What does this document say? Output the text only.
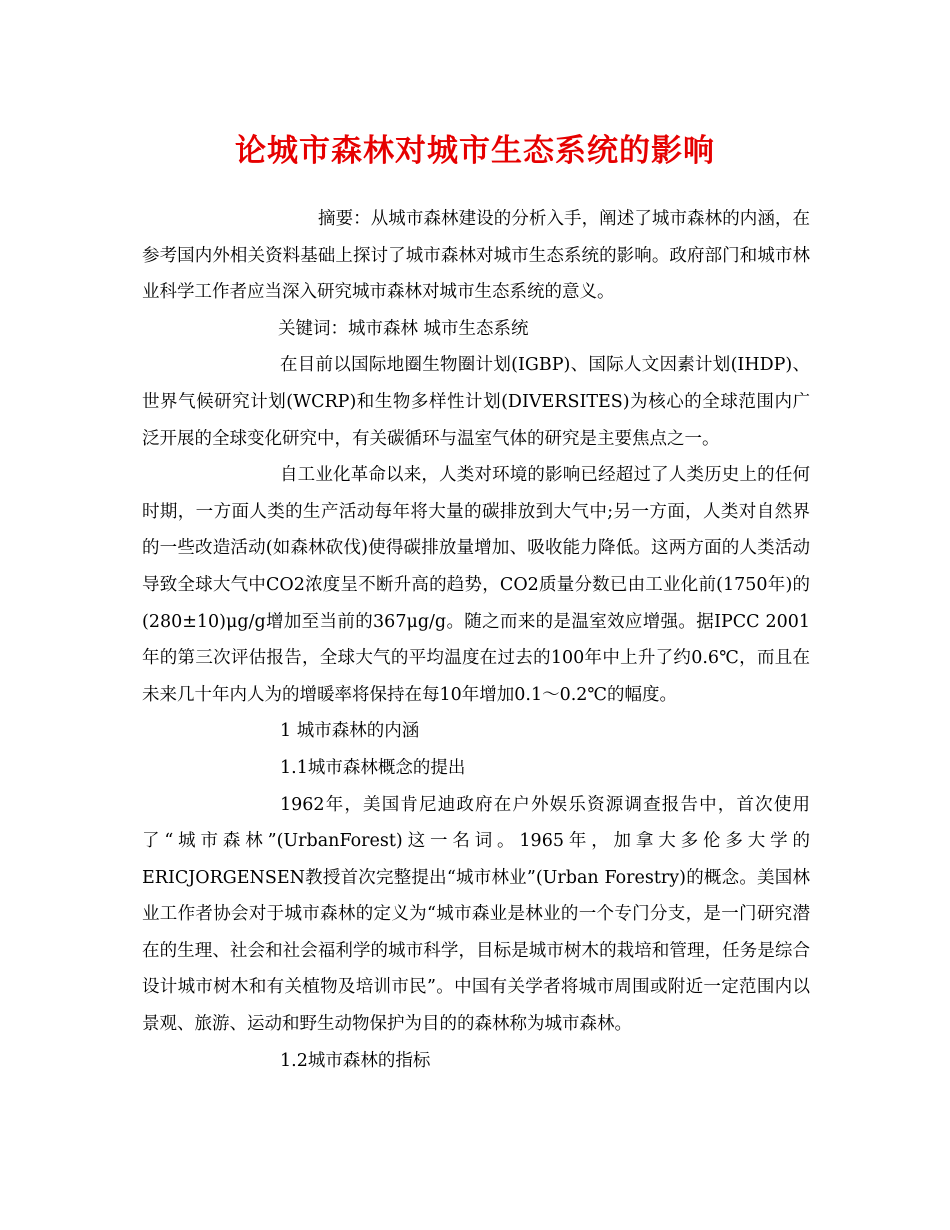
论城市森林对城市生态系统的影响

摘要：从城市森林建设的分析入手，阐述了城市森林的内涵，在参考国内外相关资料基础上探讨了城市森林对城市生态系统的影响。政府部门和城市林业科学工作者应当深入研究城市森林对城市生态系统的意义。

关键词：城市森林 城市生态系统

在目前以国际地圈生物圈计划(IGBP)、国际人文因素计划(IHDP)、世界气候研究计划(WCRP)和生物多样性计划(DIVERSITES)为核心的全球范围内广泛开展的全球变化研究中，有关碳循环与温室气体的研究是主要焦点之一。

自工业化革命以来，人类对环境的影响已经超过了人类历史上的任何时期，一方面人类的生产活动每年将大量的碳排放到大气中;另一方面，人类对自然界的一些改造活动(如森林砍伐)使得碳排放量增加、吸收能力降低。这两方面的人类活动导致全球大气中CO2浓度呈不断升高的趋势，CO2质量分数已由工业化前(1750年)的(280±10)μg/g增加至当前的367μg/g。随之而来的是温室效应增强。据IPCC 2001年的第三次评估报告，全球大气的平均温度在过去的100年中上升了约0.6℃，而且在未来几十年内人为的增暖率将保持在每10年增加0.1～0.2℃的幅度。

1 城市森林的内涵

1.1城市森林概念的提出

1962年，美国肯尼迪政府在户外娱乐资源调查报告中，首次使用了“城市森林”(UrbanForest)这一名词。1965年，加拿大多伦多大学的ERICJORGENSEN教授首次完整提出“城市林业”(Urban Forestry)的概念。美国林业工作者协会对于城市森林的定义为“城市森业是林业的一个专门分支，是一门研究潜在的生理、社会和社会福利学的城市科学，目标是城市树木的栽培和管理，任务是综合设计城市树木和有关植物及培训市民”。中国有关学者将城市周围或附近一定范围内以景观、旅游、运动和野生动物保护为目的的森林称为城市森林。

1.2城市森林的指标
